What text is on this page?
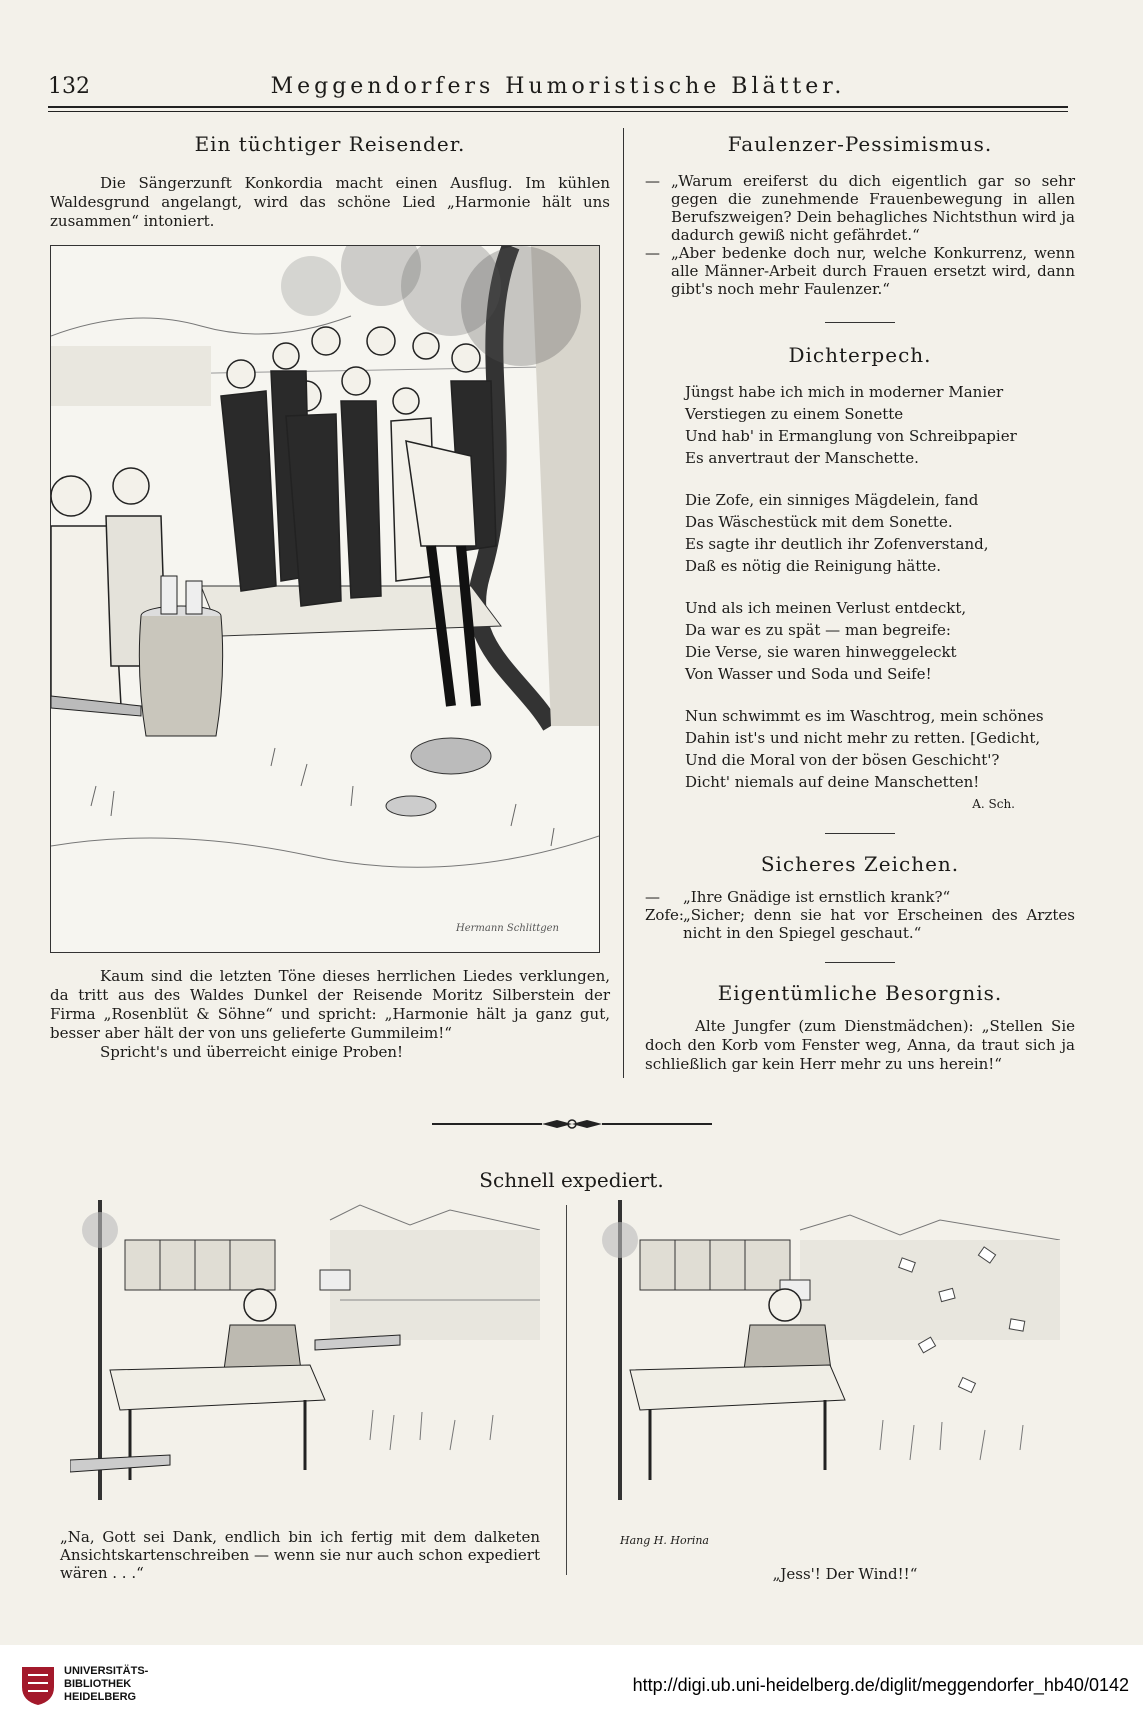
132	Meggendorfers Humoristische Blätter.
Ein tüchtiger Reisender.

Die Sängerzunft Konkordia macht einen Ausflug. Im kühlen Waldesgrund angelangt, wird das schöne Lied „Harmonie hält uns zusammen“ intoniert.

Hermann Schlittgen

Kaum sind die letzten Töne dieses herrlichen Liedes verklungen, da tritt aus des Waldes Dunkel der Reisende Moritz Silberstein der Firma „Rosenblüt & Söhne“ und spricht: „Harmonie hält ja ganz gut, besser aber hält der von uns gelieferte Gummileim!“

Spricht's und überreicht einige Proben!

Faulenzer-Pessimismus.
— „Warum ereiferst du dich eigentlich gar so sehr gegen die zunehmende Frauenbewegung in allen Berufszweigen? Dein behagliches Nichtsthun wird ja dadurch gewiß nicht gefährdet.“
— „Aber bedenke doch nur, welche Konkurrenz, wenn alle Männer-Arbeit durch Frauen ersetzt wird, dann gibt's noch mehr Faulenzer.“
Dichterpech.
Jüngst habe ich mich in moderner Manier
Verstiegen zu einem Sonette
Und hab' in Ermanglung von Schreibpapier
Es anvertraut der Manschette.
Die Zofe, ein sinniges Mägdelein, fand
Das Wäschestück mit dem Sonette.
Es sagte ihr deutlich ihr Zofenverstand,
Daß es nötig die Reinigung hätte.
Und als ich meinen Verlust entdeckt,
Da war es zu spät — man begreife:
Die Verse, sie waren hinweggeleckt
Von Wasser und Soda und Seife!
Nun schwimmt es im Waschtrog, mein schönes
Dahin ist's und nicht mehr zu retten. [Gedicht,
Und die Moral von der bösen Geschicht'?
Dicht' niemals auf deine Manschetten!
A. Sch.
Sicheres Zeichen.
—	„Ihre Gnädige ist ernstlich krank?“
Zofe: „Sicher; denn sie hat vor Erscheinen des Arztes nicht in den Spiegel geschaut.“
Eigentümliche Besorgnis.

Alte Jungfer (zum Dienstmädchen): „Stellen Sie doch den Korb vom Fenster weg, Anna, da traut sich ja schließlich gar kein Herr mehr zu uns herein!“

Schnell expediert.
„Na, Gott sei Dank, endlich bin ich fertig mit dem dalketen Ansichtskartenschreiben — wenn sie nur auch schon expediert wären . . .“
Hang H. Horina
„Jess'! Der Wind!!“
UNIVERSITÄTS-
BIBLIOTHEK
HEIDELBERG
http://digi.ub.uni-heidelberg.de/diglit/meggendorfer_hb40/0142
